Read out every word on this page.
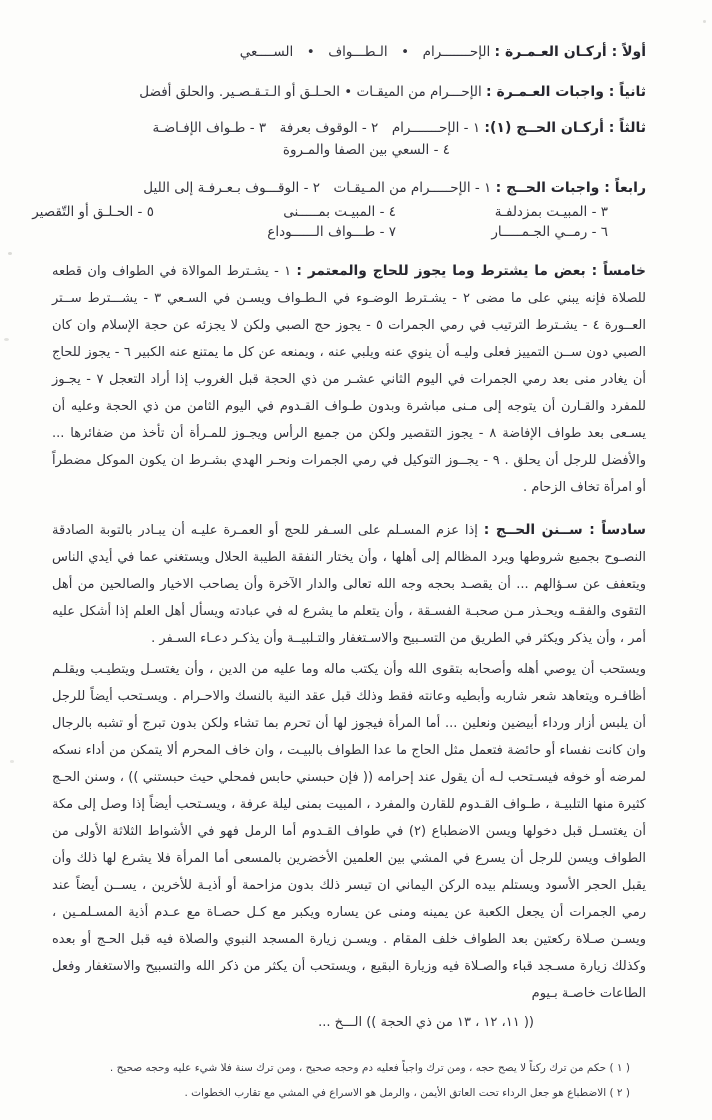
أولاً : أركـان العـمـرة : الإحـــــــرام • الـطـــواف • الســــعي

ثانياً : واجبات العـمـرة : الإحـــرام من الميقـات • الحـلـق أو الـتـقـصـير. والحلق أفضل

ثالثاً : أركـان الحــج (١): ١ - الإحـــــــرام ٢ - الوقوف بعرفة ٣ - طـواف الإفـاضـة

٤ - السعي بين الصفا والمـروة

رابعاً : واجبات الحــج : ١ - الإحـــــرام من المـيقـات ٢ - الوقـــوف بـعـرفـة إلى الليل

٣ - المبيـت بمزدلفـة
٤ - المبيـت بمـــــنى
٥ - الحـلـق أو التّقصير
٦ - رمــي الجـمـــــار
٧ - طـــواف الــــــوداع

خامساً : بعض ما يشترط وما يجوز للحاج والمعتمر : ١ - يشـترط الموالاة في الطواف وان قطعه للصلاة فإنه يبني على ما مضى ٢ - يشـترط الوضـوء في الـطـواف ويسـن في السـعي ٣ - يشـــترط ســتر العــورة ٤ - يشـترط الترتيب في رمي الجمرات ٥ - يجوز حج الصبي ولكن لا يجزئه عن حجة الإسلام وان كان الصبي دون ســن التمييز فعلى وليـه أن ينوي عنه ويلبي عنه ، ويمنعه عن كل ما يمتنع عنه الكبير ٦ - يجوز للحاج أن يغادر منى بعد رمي الجمرات في اليوم الثاني عشـر من ذي الحجة قبل الغروب إذا أراد التعجل ٧ - يجـوز للمفرد والقـارن أن يتوجه إلى مـنى مباشرة وبدون طـواف القـدوم في اليوم الثامن من ذي الحجة وعليه أن يسـعى بعد طواف الإفاضة ٨ - يجوز التقصير ولكن من جميع الرأس ويجـوز للمـرأة أن تأخذ من ضفائرها ... والأفضل للرجل أن يحلق . ٩ - يجــوز التوكيل في رمي الجمرات ونحـر الهدي بشـرط ان يكون الموكل مضطراً أو امرأة تخاف الزحام .

سادساً : ســنن الحــج : إذا عزم المسـلم على السـفر للحج أو العمـرة عليـه أن يبـادر بالتوبة الصادقة النصـوح بجميع شروطها ويرد المظالم إلى أهلها ، وأن يختار النفقة الطيبة الحلال ويستغني عما في أيدي الناس ويتعفف عن سـؤالهم ... أن يقصـد بحجه وجه الله تعالى والدار الآخرة وأن يصاحب الاخيار والصالحين من أهل التقوى والفقـه ويحـذر مـن صحبـة الفسـقة ، وأن يتعلم ما يشرع له في عبادته ويسأل أهل العلم إذا أشكل عليه أمر ، وأن يذكر ويكثر في الطريق من التسـبيح والاسـتغفار والتـلبيــة وأن يذكـر دعـاء السـفر .

ويستحب أن يوصي أهله وأصحابه بتقوى الله وأن يكتب ماله وما عليه من الدين ، وأن يغتسـل ويتطيـب ويقلـم أظافـره ويتعاهد شعر شاربه وأبطيه وعانته فقط وذلك قبل عقد النية بالنسك والاحـرام . ويسـتحب أيضاً للرجل أن يلبس أزار ورداء أبيضين ونعلين ... أما المرأة فيجوز لها أن تحرم بما تشاء ولكن بدون تبرج أو تشبه بالرجال وان كانت نفساء أو حائضة فتعمل مثل الحاج ما عدا الطواف بالبيـت ، وان خاف المحرم ألا يتمكن من أداء نسكه لمرضه أو خوفه فيسـتحب لـه أن يقول عند إحرامه (( فإن حبسني حابس فمحلي حيث حبستني )) ، وسنن الحـج كثيرة منها التلبيـة ، طـواف القـدوم للقارن والمفرد ، المبيت بمنى ليلة عرفة ، ويسـتحب أيضاً إذا وصل إلى مكة أن يغتسـل قبل دخولها ويسن الاضطباع (٢) في طواف القـدوم أما الرمل فهو في الأشواط الثلاثة الأولى من الطواف ويسن للرجل أن يسرع في المشي بين العلمين الأخضرين بالمسعى أما المرأة فلا يشرع لها ذلك وأن يقبل الحجر الأسود ويستلم بيده الركن اليماني ان تيسر ذلك بدون مزاحمة أو أذيـة للأخرين ، يســن أيضاً عند رمي الجمرات أن يجعل الكعبة عن يمينه ومنى عن يساره ويكبر مع كـل حصـاة مع عـدم أذية المسـلمـين ، ويسـن صـلاة ركعتين بعد الطواف خلف المقام . ويسـن زيارة المسجد النبوي والصلاة فيه قبل الحـج أو بعده وكذلك زيارة مسـجد قباء والصـلاة فيه وزيارة البقيع ، ويستحب أن يكثر من ذكر الله والتسبيح والاستغفار وفعل الطاعات خاصـة بـيوم

(( ١١، ١٢ ، ١٣ من ذي الحجة )) الـــخ ...

( ١ ) حكم من ترك ركناً لا يصح حجه ، ومن ترك واجباً فعليه دم وحجه صحيح ، ومن ترك سنة فلا شيء عليه وحجه صحيح .

( ٢ ) الاضطباع هو جعل الرداء تحت العاتق الأيمن ، والرمل هو الاسراع في المشي مع تقارب الخطوات .
